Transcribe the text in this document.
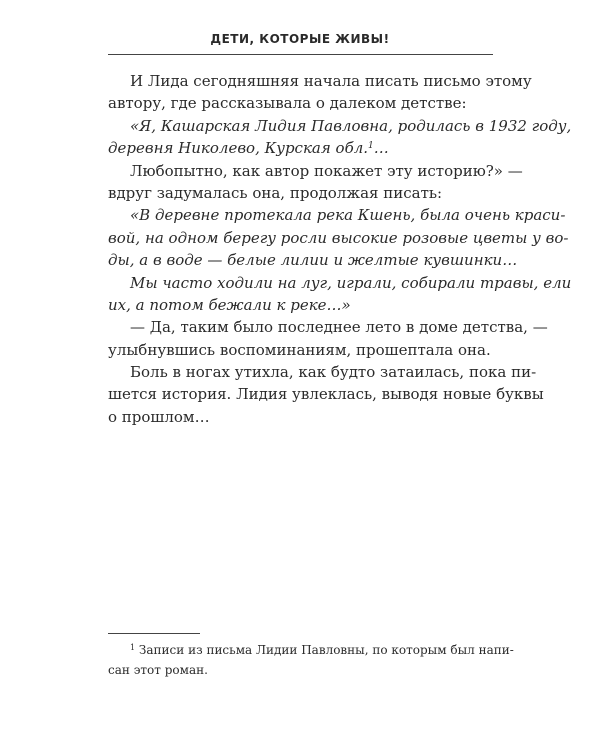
ДЕТИ, КОТОРЫЕ ЖИВЫ!
И Лида сегодняшняя начала писать письмо этому
автору, где рассказывала о далеком детстве:
«Я, Кашарская Лидия Павловна, родилась в 1932 году,
деревня Николево, Курская обл.$^1$…
Любопытно, как автор покажет эту историю?» —
вдруг задумалась она, продолжая писать:
«В деревне протекала река Кшень, была очень краси-
вой, на одном берегу росли высокие розовые цветы у во-
ды, а в воде — белые лилии и желтые кувшинки…
Мы часто ходили на луг, играли, собирали травы, ели
их, а потом бежали к реке…»
— Да, таким было последнее лето в доме детства, —
улыбнувшись воспоминаниям, прошептала она.
Боль в ногах утихла, как будто затаилась, пока пи-
шется история. Лидия увлеклась, выводя новые буквы
о прошлом…
$^1$ Записи из письма Лидии Павловны, по которым был напи-
сан этот роман.
